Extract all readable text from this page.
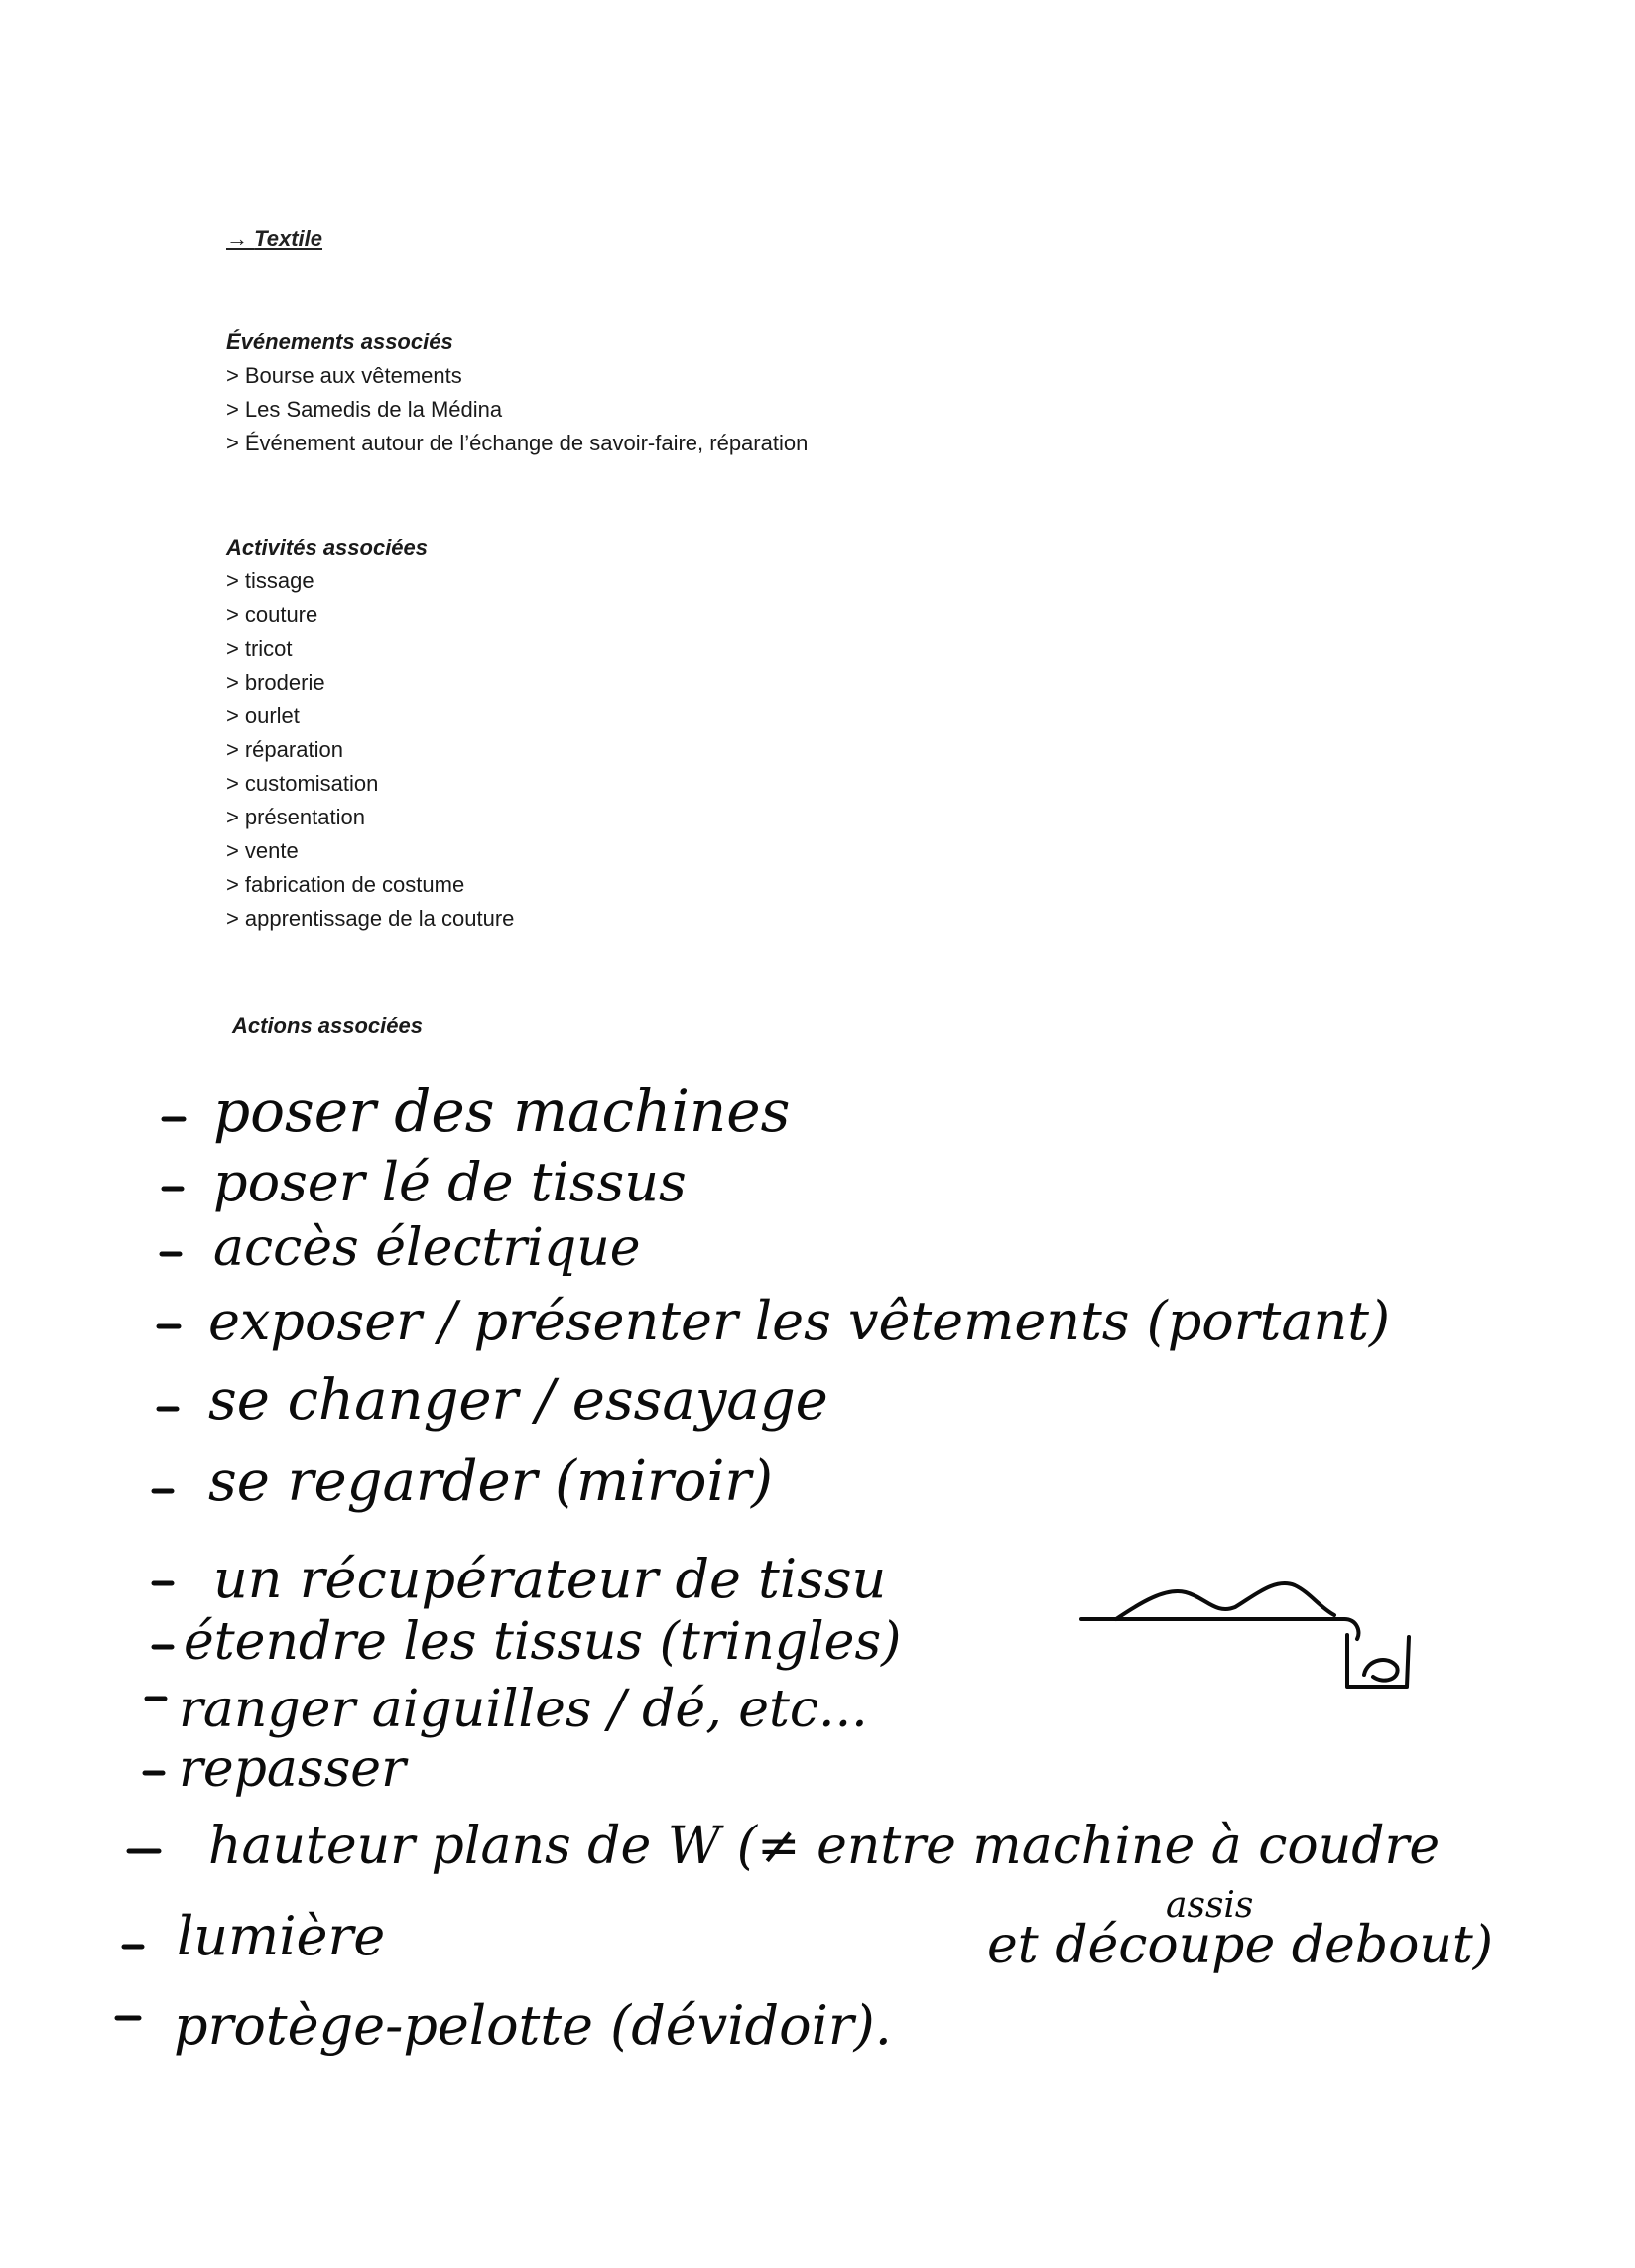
→ Textile
Événements associés
> Bourse aux vêtements
> Les Samedis de la Médina
> Événement autour de l’échange de savoir-faire, réparation
Activités associées
> tissage
> couture
> tricot
> broderie
> ourlet
> réparation
> customisation
> présentation
> vente
> fabrication de costume
> apprentissage de la couture
Actions associées
poser des machines
poser lé de tissus
accès électrique
exposer / présenter les vêtements (portant)
se changer / essayage
se regarder (miroir)
un récupérateur de tissu
étendre les tissus (tringles)
ranger aiguilles / dé, etc...
repasser
hauteur plans de W (≠ entre machine à coudre
assis
et découpe debout)
lumière
protège-pelotte (dévidoir).
